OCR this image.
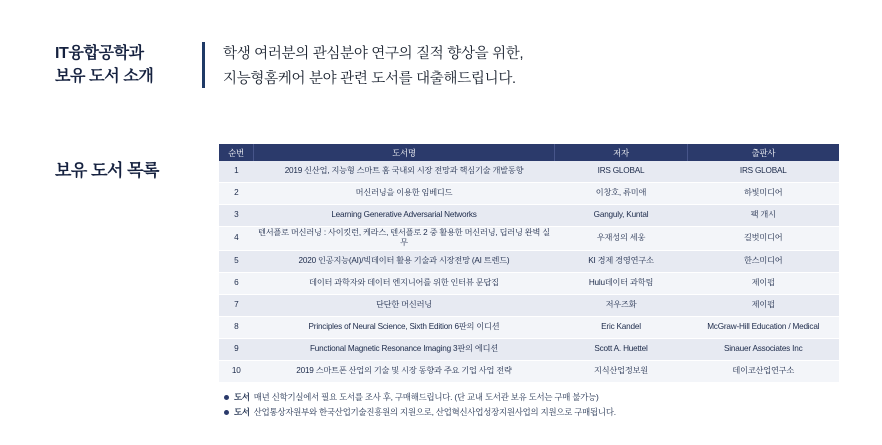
IT융합공학과
보유 도서 소개
학생 여러분의 관심분야 연구의 질적 향상을 위한,
지능형홈케어 분야 관련 도서를 대출해드립니다.
보유 도서 목록
순번	도서명	저자	출판사
1	2019 신산업, 지능형 스마트 홈 국내외 시장 전망과 핵심기술 개발동향	IRS GLOBAL	IRS GLOBAL
2	머신러닝을 이용한 임베디드	이창호, 류미애	하빛미디어
3	Learning Generative Adversarial Networks	Ganguly, Kuntal	팩 개시
4	텐서플로 머신러닝 : 사이킷런, 케라스, 텐서플로 2 중 활용한 머신러닝, 딥러닝 완벽 실무	우재성의 세웅	길벗미디어
5	2020 인공지능(AI)/빅데이터 활용 기술과 시장전망 (AI 트렌드)	KI 경제 경영연구소	한스미디어
6	데이터 과학자와 데이터 엔지니어를 위한 인터뷰 문답집	Hulu데이터 과학팀	제이펍
7	단단한 머신러닝	저우즈화	제이펍
8	Principles of Neural Science, Sixth Edition 6판의 이디션	Eric Kandel	McGraw-Hill Education / Medical
9	Functional Magnetic Resonance Imaging 3판의 에디션	Scott A. Huettel	Sinauer Associates Inc
10	2019 스마트폰 산업의 기술 및 시장 동향과 주요 기업 사업 전략	지식산업정보원	데이코산업연구소
도서 매년 신학기실에서 필요 도서를 조사 후, 구매해드립니다. (단 교내 도서관 보유 도서는 구매 불가능)
도서 산업통상자원부와 한국산업기술진흥원의 지원으로, 산업혁신사업성장지원사업의 지원으로 구매됩니다.
